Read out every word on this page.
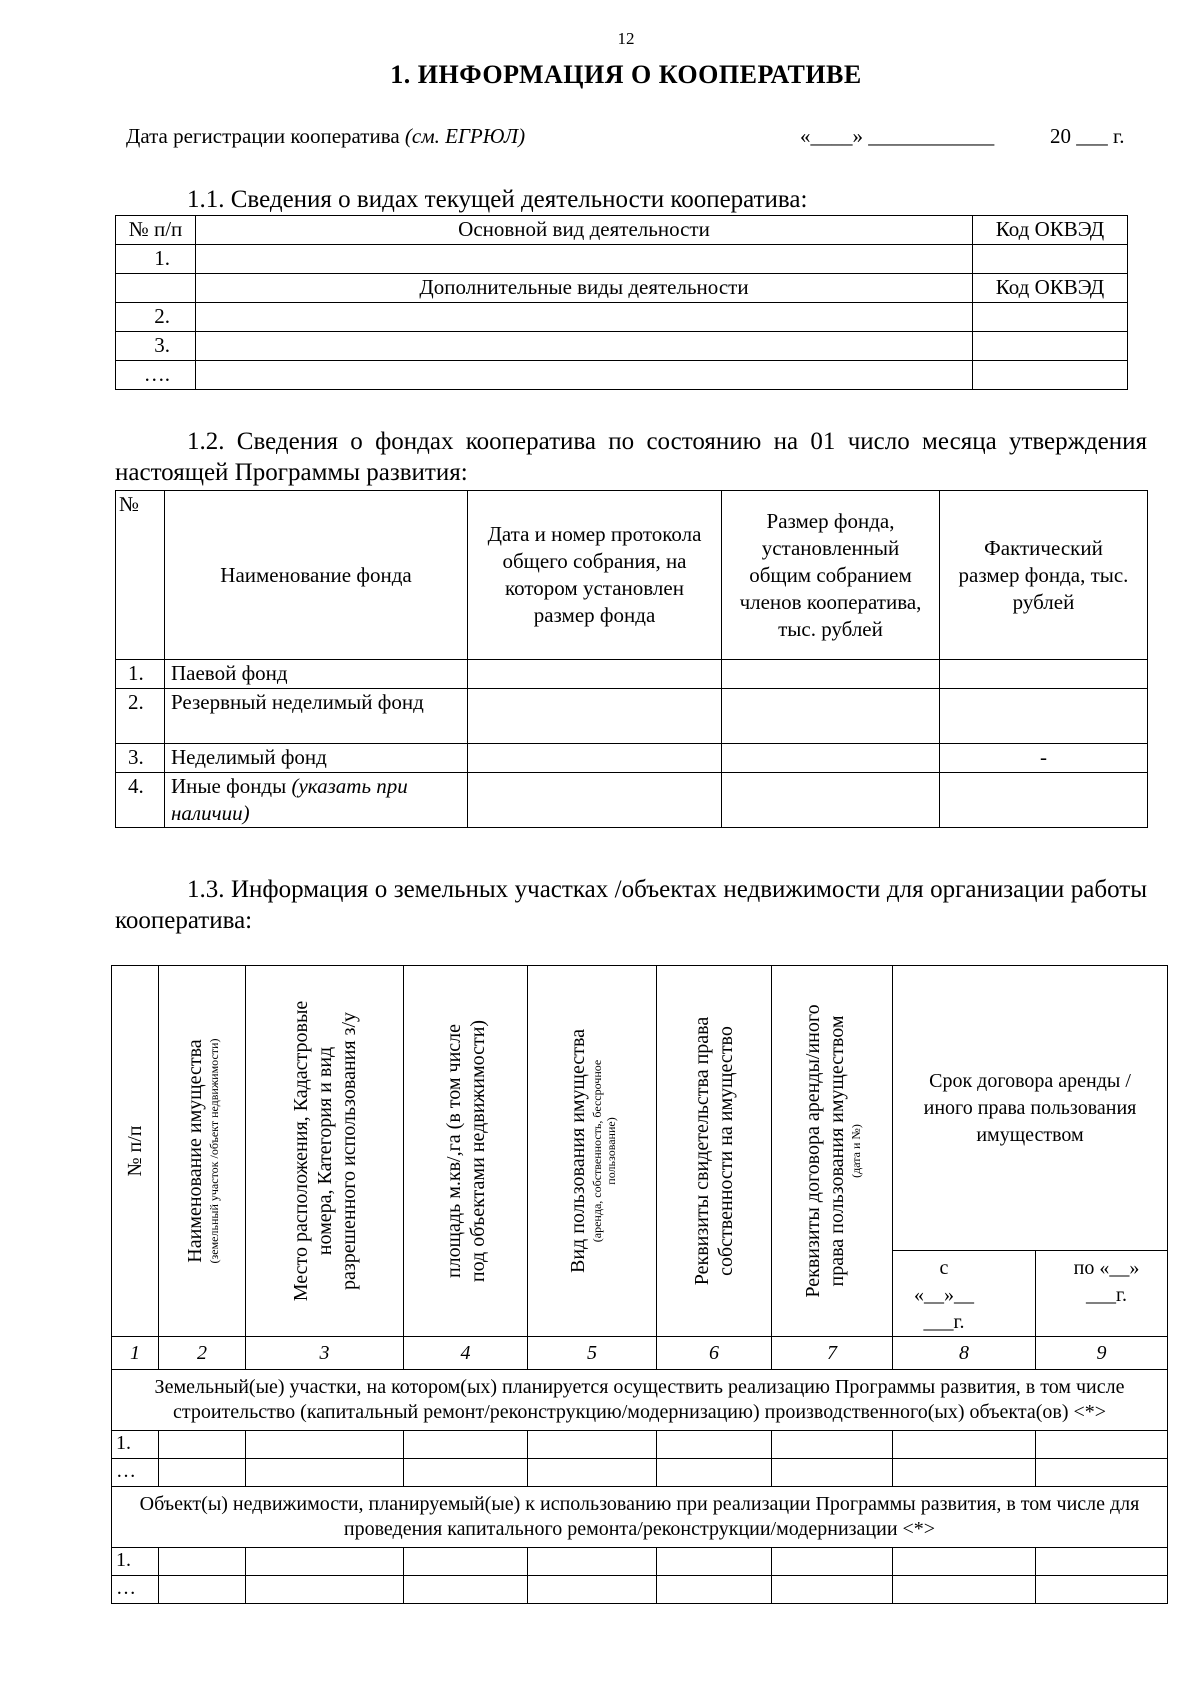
12
1. ИНФОРМАЦИЯ О КООПЕРАТИВЕ
Дата регистрации кооператива (см. ЕГРЮЛ)	«____» ____________	20 ___ г.
1.1. Сведения о видах текущей деятельности кооператива:
№ п/п	Основной вид деятельности	Код ОКВЭД
1.		
	Дополнительные виды деятельности	Код ОКВЭД
2.		
3.		
….		
1.2. Сведения о фондах кооператива по состоянию на 01 число месяца утверждения настоящей Программы развития:
№	Наименование фонда	Дата и номер протокола общего собрания, на котором установлен размер фонда	Размер фонда, установленный общим собранием членов кооператива, тыс. рублей	Фактический размер фонда, тыс. рублей
1.	Паевой фонд			
2.	Резервный неделимый фонд			
3.	Неделимый фонд			-
4.	Иные фонды (указать при наличии)			
1.3. Информация о земельных участках /объектах недвижимости для организации работы кооператива:
№ п/п	Наименование имущества (земельный участок /объект недвижимости)	Место расположения, Кадастровые номера, Категория и вид разрешенного использования з/у	площадь м.кв/,га (в том числе под объектами недвижимости)	Вид пользования имущества (аренда, собственность, бессрочное пользование)	Реквизиты свидетельства права собственности на имущество	Реквизиты договора аренды/иного права пользования имуществом (дата и №)	Срок договора аренды /иного права пользования имуществом	
							с «__»__ ___г.	по «__» ___г.
1	2	3	4	5	6	7	8	9
Земельный(ые) участки, на котором(ых) планируется осуществить реализацию Программы развития, в том числе строительство (капитальный ремонт/реконструкцию/модернизацию) производственного(ых) объекта(ов) <*>								
1.								
…								
Объект(ы) недвижимости, планируемый(ые) к использованию при реализации Программы развития, в том числе для проведения капитального ремонта/реконструкции/модернизации <*>								
1.								
…								
